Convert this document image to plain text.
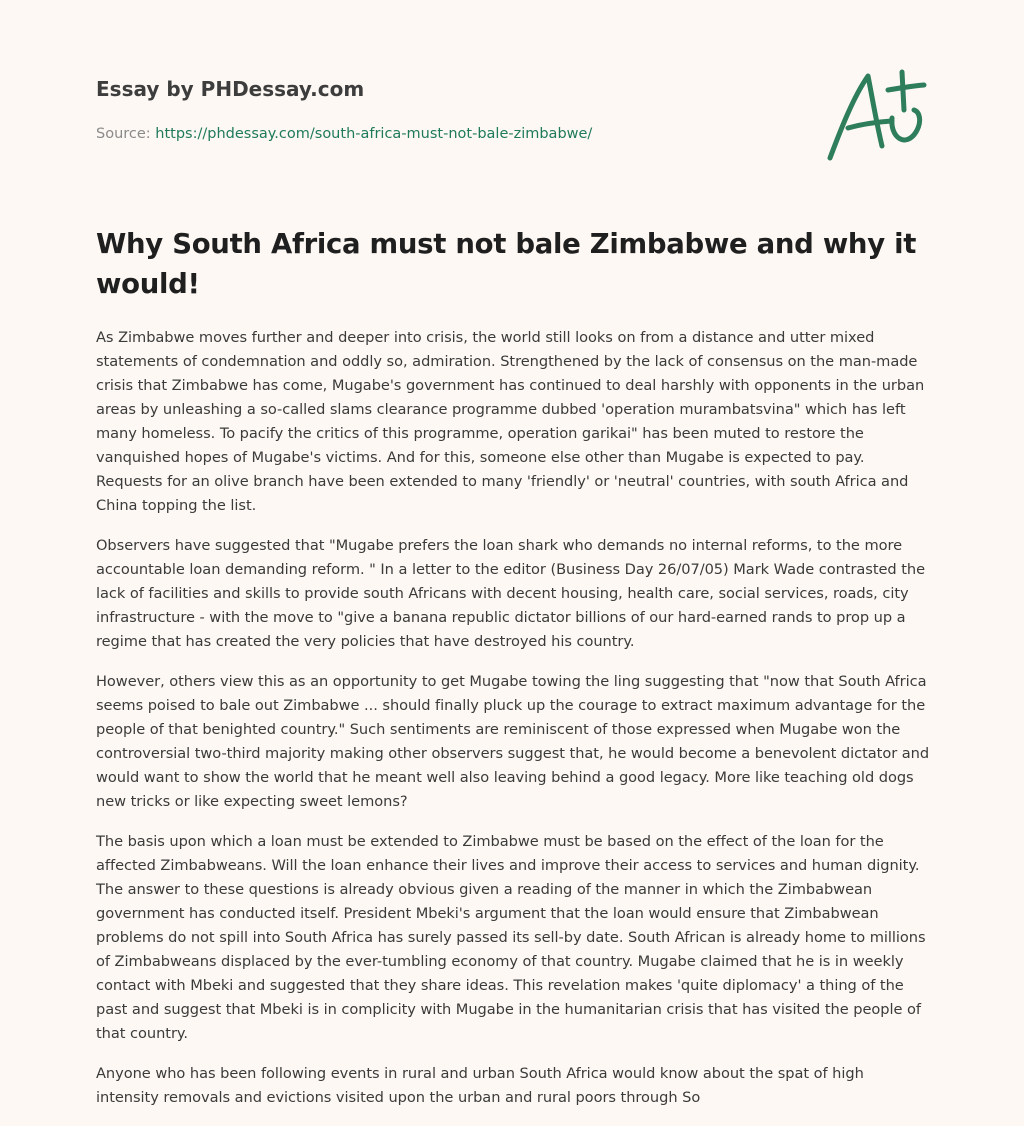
Essay by PHDessay.com
Source: https://phdessay.com/south-africa-must-not-bale-zimbabwe/
Why South Africa must not bale Zimbabwe and why it would!

As Zimbabwe moves further and deeper into crisis, the world still looks on from a distance and utter mixed statements of condemnation and oddly so, admiration. Strengthened by the lack of consensus on the man-made crisis that Zimbabwe has come, Mugabe's government has continued to deal harshly with opponents in the urban areas by unleashing a so-called slams clearance programme dubbed 'operation murambatsvina" which has left many homeless. To pacify the critics of this programme, operation garikai" has been muted to restore the vanquished hopes of Mugabe's victims. And for this, someone else other than Mugabe is expected to pay. Requests for an olive branch have been extended to many 'friendly' or 'neutral' countries, with south Africa and China topping the list.

Observers have suggested that "Mugabe prefers the loan shark who demands no internal reforms, to the more accountable loan demanding reform. " In a letter to the editor (Business Day 26/07/05) Mark Wade contrasted the lack of facilities and skills to provide south Africans with decent housing, health care, social services, roads, city infrastructure - with the move to "give a banana republic dictator billions of our hard-earned rands to prop up a regime that has created the very policies that have destroyed his country.

However, others view this as an opportunity to get Mugabe towing the ling suggesting that "now that South Africa seems poised to bale out Zimbabwe ... should finally pluck up the courage to extract maximum advantage for the people of that benighted country." Such sentiments are reminiscent of those expressed when Mugabe won the controversial two-third majority making other observers suggest that, he would become a benevolent dictator and would want to show the world that he meant well also leaving behind a good legacy. More like teaching old dogs new tricks or like expecting sweet lemons?

The basis upon which a loan must be extended to Zimbabwe must be based on the effect of the loan for the affected Zimbabweans. Will the loan enhance their lives and improve their access to services and human dignity. The answer to these questions is already obvious given a reading of the manner in which the Zimbabwean government has conducted itself. President Mbeki's argument that the loan would ensure that Zimbabwean problems do not spill into South Africa has surely passed its sell-by date. South African is already home to millions of Zimbabweans displaced by the ever-tumbling economy of that country. Mugabe claimed that he is in weekly contact with Mbeki and suggested that they share ideas. This revelation makes 'quite diplomacy' a thing of the past and suggest that Mbeki is in complicity with Mugabe in the humanitarian crisis that has visited the people of that country.

Anyone who has been following events in rural and urban South Africa would know about the spat of high intensity removals and evictions visited upon the urban and rural poors through So
